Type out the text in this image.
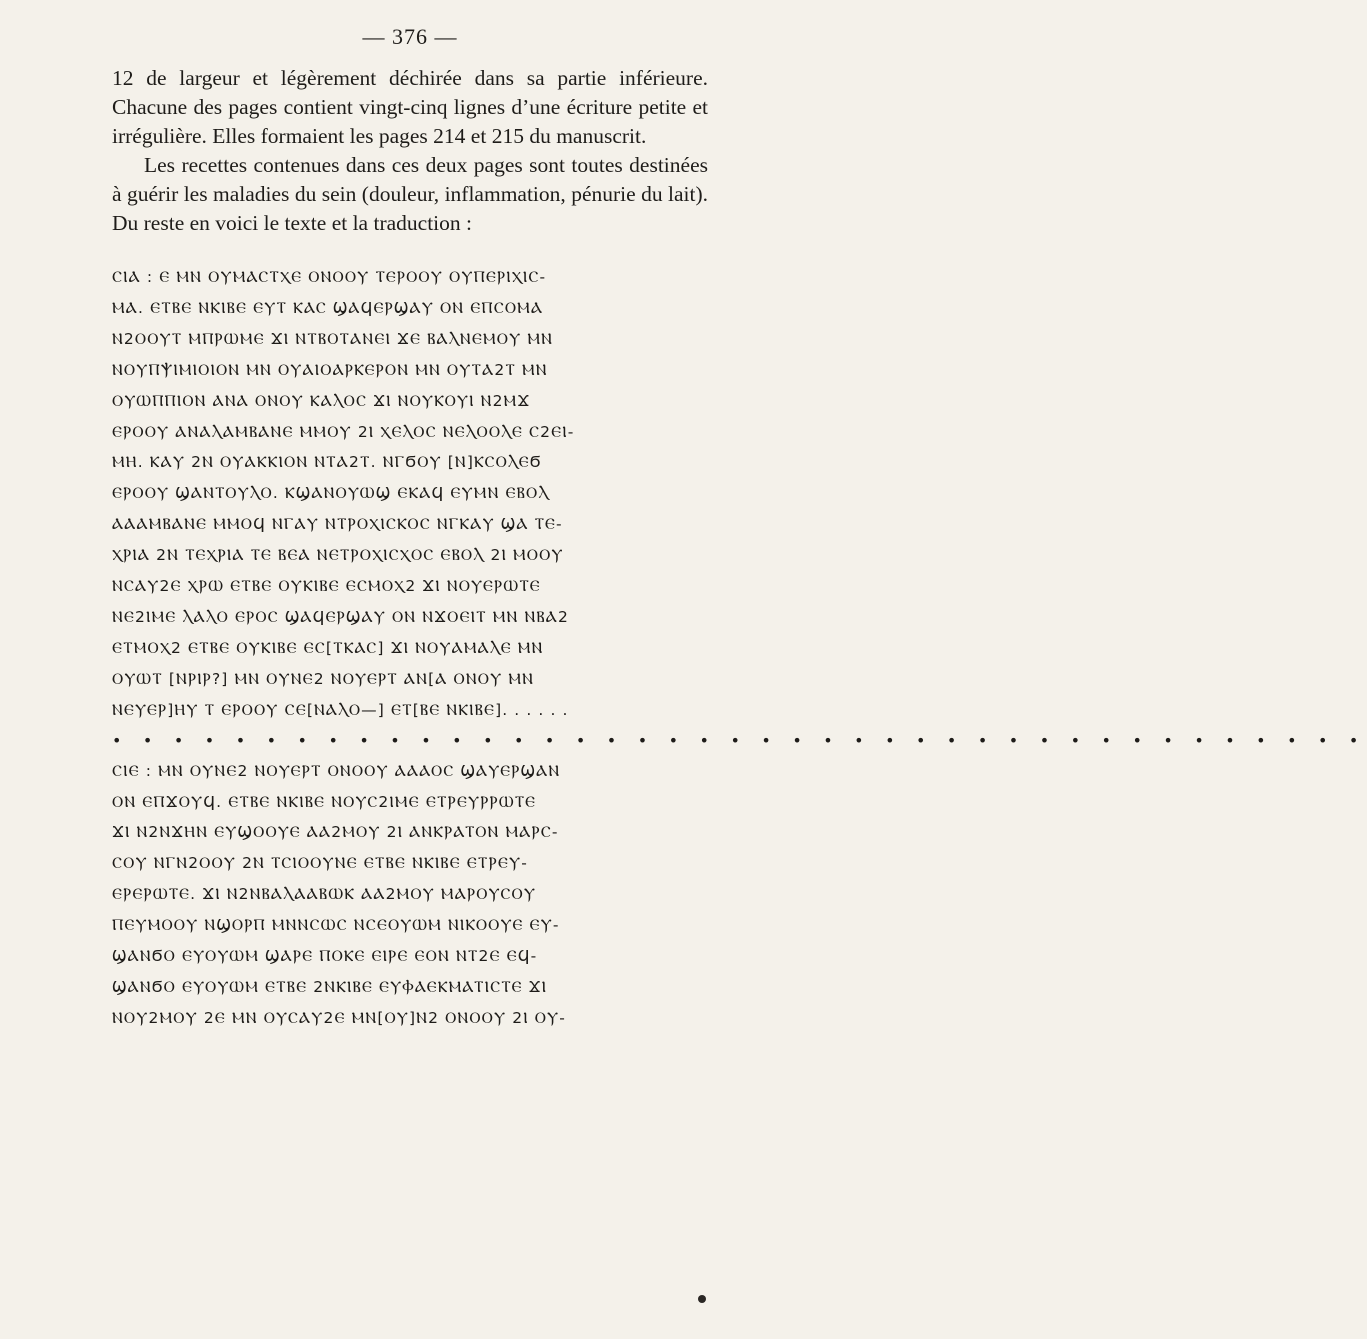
— 376 —

12 de largeur et légèrement déchirée dans sa partie inférieure. Chacune des pages contient vingt-cinq lignes d’une écriture petite et irrégulière. Elles formaient les pages 214 et 215 du manuscrit.

Les recettes contenues dans ces deux pages sont toutes destinées à guérir les maladies du sein (douleur, inflammation, pénurie du lait). Du reste en voici le texte et la traduction :

ⲤⲒⲀ : Ⲉ ⲘⲚ ⲞⲨⲘⲀⲤⲦⲬⲈ ⲞⲚⲞⲞⲨ ⲦⲈⲢⲞⲞⲨ ⲞⲨⲠⲈⲢⲒⲬⲒⲤ-
ⲘⲀ. ⲈⲦⲂⲈ ⲚⲔⲒⲂⲈ ⲈⲨⲦ ⲔⲀⲤ ϢⲀϤⲈⲢϢⲀⲨ ⲞⲚ ⲈⲠⲤⲞⲘⲀ
Ⲛ2ⲞⲞⲨⲦ ⲘⲠⲢⲰⲘⲈ ϪⲒ ⲚⲦⲂⲞⲦⲀⲚⲈⲒ ϪⲈ ⲂⲀⲖⲚⲈⲘⲞⲨ ⲘⲚ
ⲚⲞⲨⲠⲮⲒⲘⲒⲞⲒⲞⲚ ⲘⲚ ⲞⲨⲀⲒⲞⲀⲢⲔⲈⲢⲞⲚ ⲘⲚ ⲞⲨⲦⲀ2Ⲧ ⲘⲚ
ⲞⲨⲰⲠⲠⲒⲞⲚ ⲀⲚⲀ ⲞⲚⲞⲨ ⲔⲀⲖⲞⲤ ϪⲒ ⲚⲞⲨⲔⲞⲨⲒ Ⲛ2ⲘϪ
ⲈⲢⲞⲞⲨ ⲀⲚⲀⲖⲀⲘⲂⲀⲚⲈ ⲘⲘⲞⲨ 2Ⲓ ⲬⲈⲖⲞⲤ ⲚⲈⲖⲞⲞⲖⲈ Ⲥ2ⲈⲒ-
ⲘⲎ. ⲔⲀⲨ 2Ⲛ ⲞⲨⲀⲔⲔⲒⲞⲚ ⲚⲦⲀ2Ⲧ. ⲚⲄϬⲞⲨ [Ⲛ]ⲔⲤⲞⲖⲈϬ
ⲈⲢⲞⲞⲨ ϢⲀⲚⲦⲞⲨⲖⲞ. ⲔϢⲀⲚⲞⲨⲰϢ ⲈⲔⲀϤ ⲈⲨⲘⲚ ⲈⲂⲞⲖ
ⲀⲀⲀⲘⲂⲀⲚⲈ ⲘⲘⲞϤ ⲚⲄⲀⲨ ⲚⲦⲢⲞⲬⲒⲤⲔⲞⲤ ⲚⲄⲔⲀⲨ ϢⲀ ⲦⲈ-
ⲬⲢⲒⲀ 2Ⲛ ⲦⲈⲬⲢⲒⲀ ⲦⲈ ⲂⲈⲀ ⲚⲈⲦⲢⲞⲬⲒⲤⲬⲞⲤ ⲈⲂⲞⲖ 2Ⲓ ⲘⲞⲞⲨ
ⲚⲤⲀⲨ2Ⲉ ⲬⲢⲰ ⲈⲦⲂⲈ ⲞⲨⲔⲒⲂⲈ ⲈⲤⲘⲞⲬ2 ϪⲒ ⲚⲞⲨⲈⲢⲰⲦⲈ
ⲚⲈ2ⲒⲘⲈ ⲖⲀⲖⲞ ⲈⲢⲞⲤ ϢⲀϤⲈⲢϢⲀⲨ ⲞⲚ ⲚϪⲞⲈⲒⲦ ⲘⲚ ⲚⲂⲀ2
ⲈⲦⲘⲞⲬ2 ⲈⲦⲂⲈ ⲞⲨⲔⲒⲂⲈ ⲈⲤ[ⲦⲔⲀⲤ] ϪⲒ ⲚⲞⲨⲀⲘⲀⲖⲈ ⲘⲚ
ⲞⲨⲰⲦ [ⲚⲢⲒⲢ?] ⲘⲚ ⲞⲨⲚⲈ2 ⲚⲞⲨⲈⲢⲦ ⲀⲚ[Ⲁ ⲞⲚⲞⲨ ⲘⲚ
ⲚⲈⲨⲈⲢ]ⲎⲨ Ⲧ ⲈⲢⲞⲞⲨ ⲤⲈ[ⲚⲀⲖⲞ—] ⲈⲦ[ⲂⲈ ⲚⲔⲒⲂⲈ]. . . . . .
• • • • • • • • • • • • • • • • • • • • • • • • • • • • • • • • • • • • • • • • •
ⲤⲒⲈ : ⲘⲚ ⲞⲨⲚⲈ2 ⲚⲞⲨⲈⲢⲦ ⲞⲚⲞⲞⲨ ⲀⲀⲀⲞⲤ ϢⲀⲨⲈⲢϢⲀⲚ
ⲞⲚ ⲈⲠϪⲞⲨϤ. ⲈⲦⲂⲈ ⲚⲔⲒⲂⲈ ⲚⲞⲨⲤ2ⲒⲘⲈ ⲈⲦⲢⲈⲨⲢⲢⲰⲦⲈ
ϪⲒ Ⲛ2ⲚϪⲎⲚ ⲈⲨϢⲞⲞⲨⲈ ⲀⲀ2ⲘⲞⲨ 2Ⲓ ⲀⲚⲔⲢⲀⲦⲞⲚ ⲘⲀⲢⲤ-
ⲤⲞⲨ ⲚⲄⲚ2ⲞⲞⲨ 2Ⲛ ⲦⲤⲒⲞⲞⲨⲚⲈ ⲈⲦⲂⲈ ⲚⲔⲒⲂⲈ ⲈⲦⲢⲈⲨ-
ⲈⲢⲈⲢⲰⲦⲈ. ϪⲒ Ⲛ2ⲚⲂⲀⲖⲀⲀⲂⲰⲔ ⲀⲀ2ⲘⲞⲨ ⲘⲀⲢⲞⲨⲤⲞⲨ
ⲠⲈⲨⲘⲞⲞⲨ ⲚϢⲞⲢⲠ ⲘⲚⲚⲤⲰⲤ ⲚⲤⲈⲞⲨⲰⲘ ⲚⲒⲔⲞⲞⲨⲈ ⲈⲨ-
ϢⲀⲚϬⲞ ⲈⲨⲞⲨⲰⲘ ϢⲀⲢⲈ ⲠⲞⲔⲈ ⲈⲒⲢⲈ ⲈⲞⲚ ⲚⲦ2Ⲉ ⲈϤ-
ϢⲀⲚϬⲞ ⲈⲨⲞⲨⲰⲘ ⲈⲦⲂⲈ 2ⲚⲔⲒⲂⲈ ⲈⲨⲪⲀⲈⲔⲘⲀⲦⲒⲤⲦⲈ ϪⲒ
ⲚⲞⲨ2ⲘⲞⲨ 2Ⲉ ⲘⲚ ⲞⲨⲤⲀⲨ2Ⲉ ⲘⲚ[ⲞⲨ]Ⲛ2 ⲞⲚⲞⲞⲨ 2Ⲓ ⲞⲨ-
